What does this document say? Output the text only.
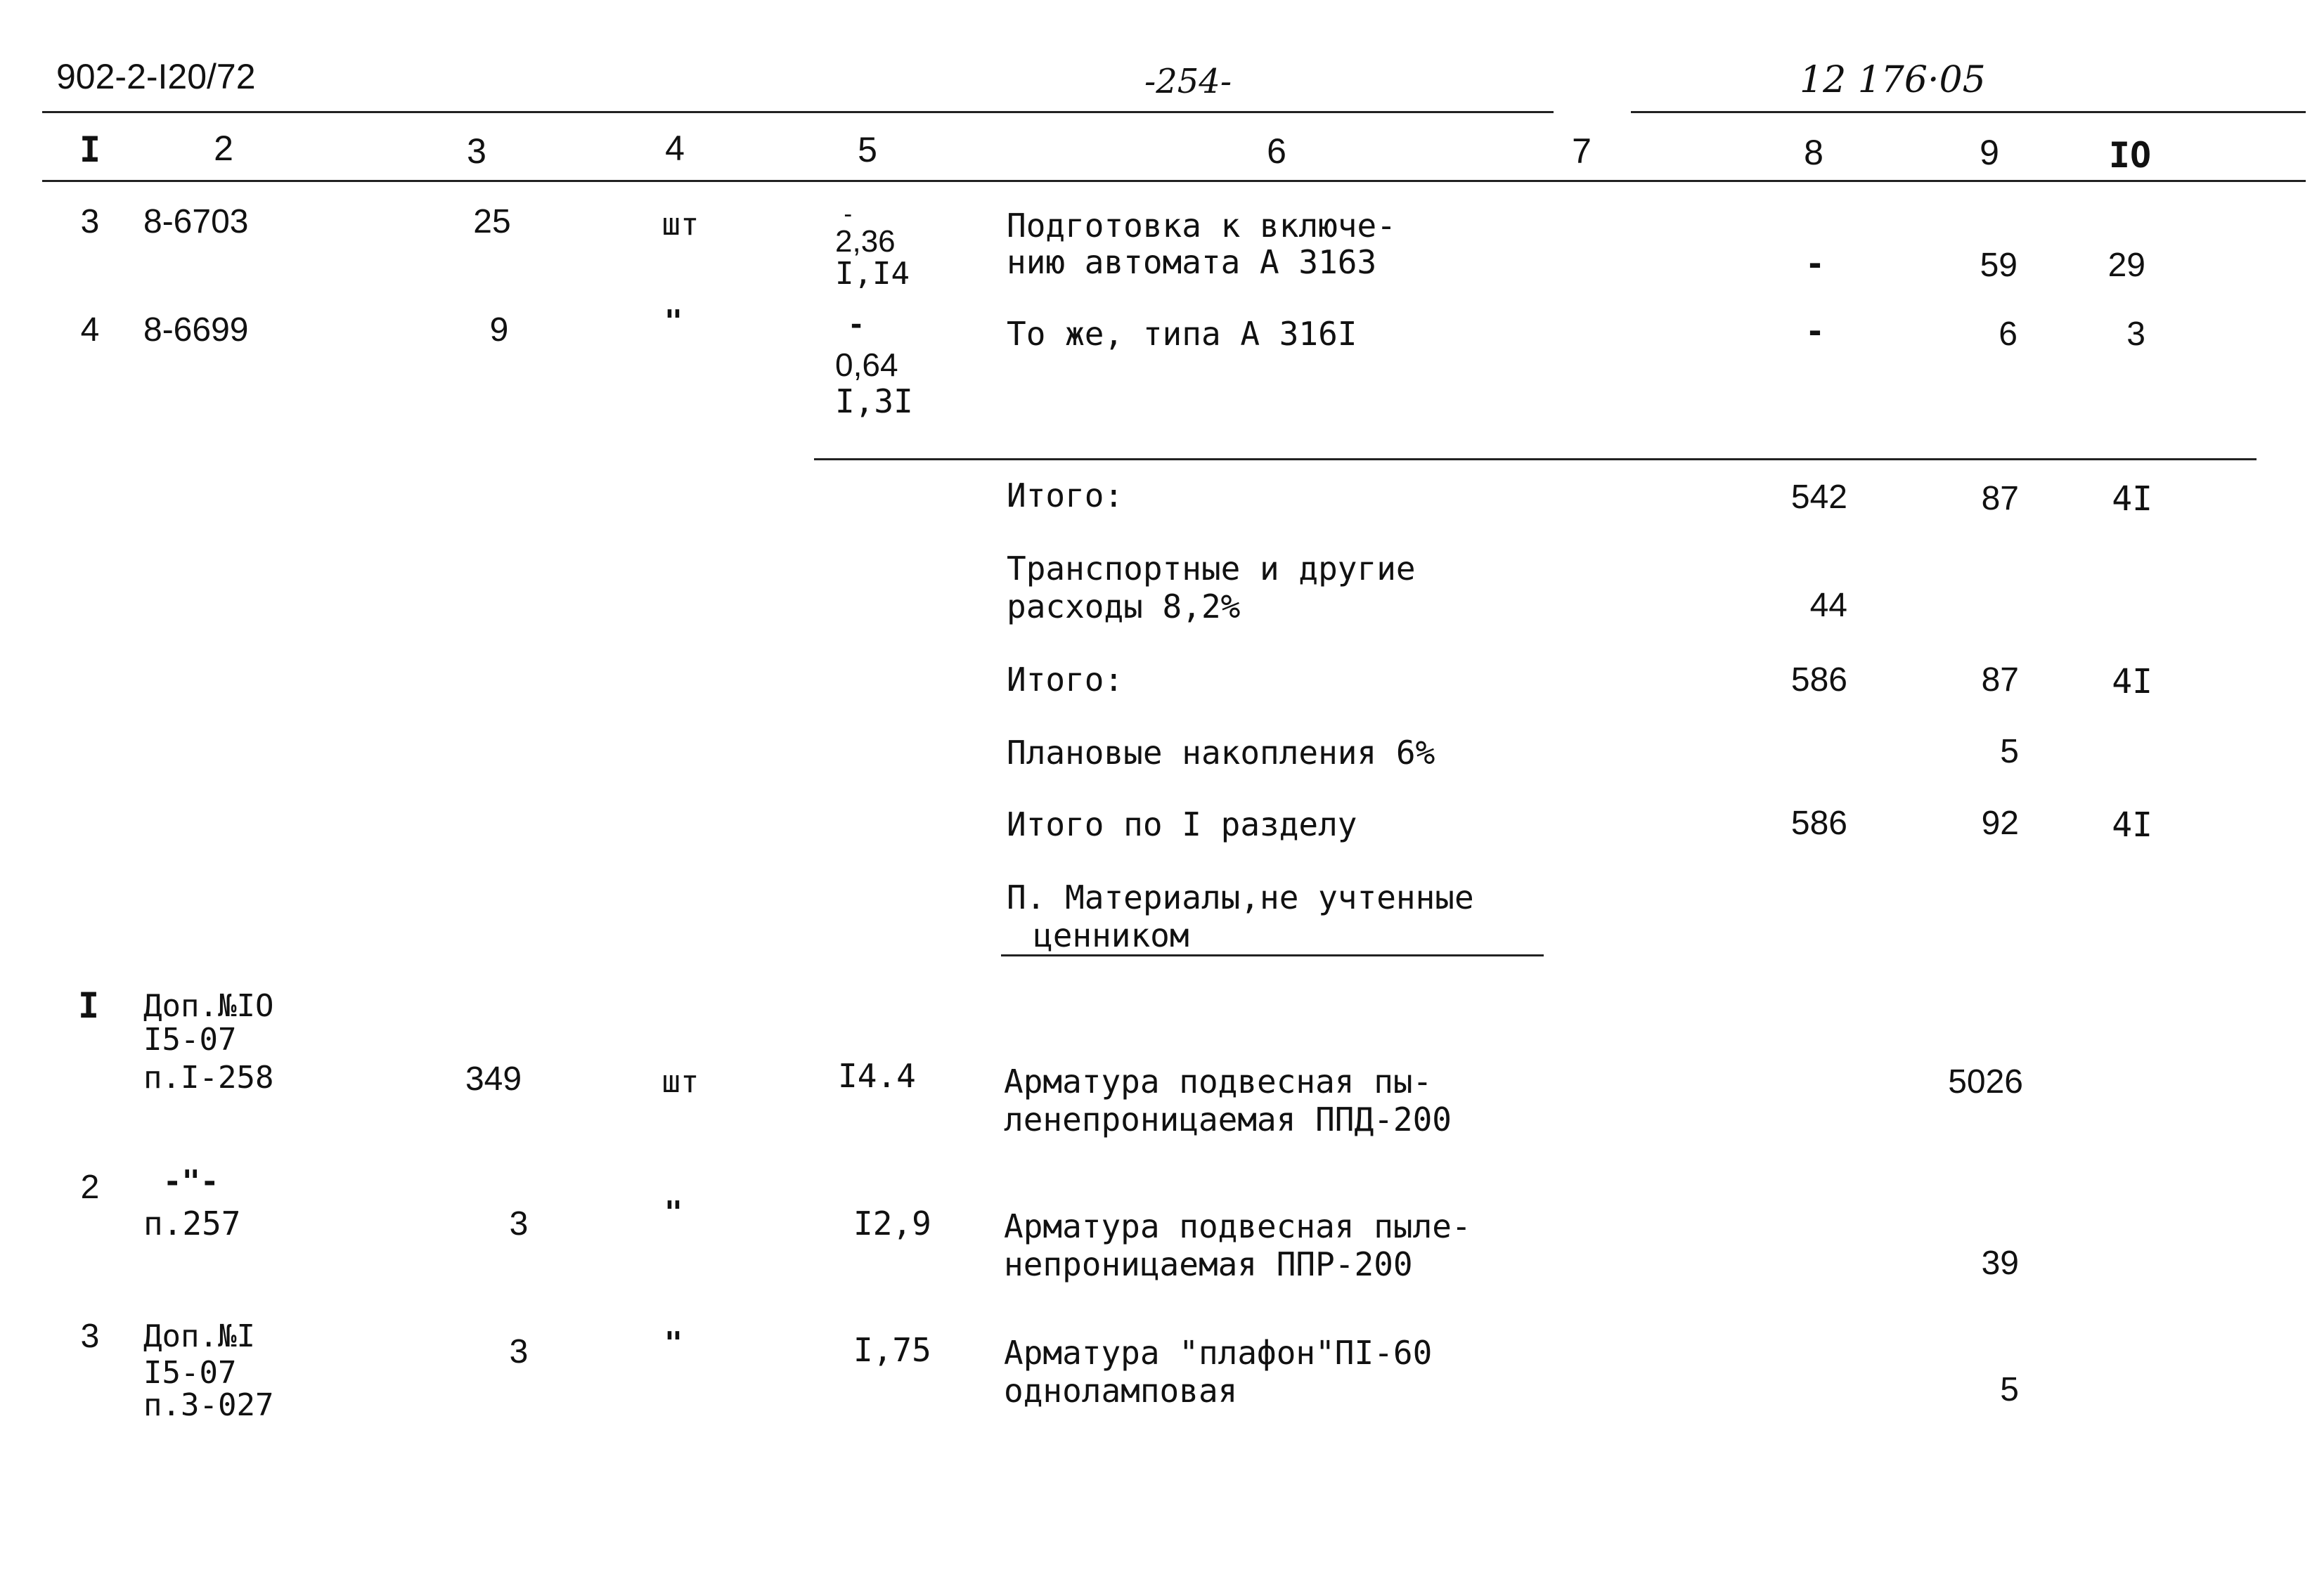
902-2-I20/72	-254-	12 176·05
I	2	3	4	5	6	7	8	9	IO
3 8-6703	25	шт	-
2,36
I,I4
Подготовка к включе-
нию автомата А 3163	-	59	29
4 8-6699	9	"	-
0,64
I,3I
То же, типа А 316I	-	6	3
Итого:	542	87	4I
Транспортные и другие
расходы 8,2%	44
Итого:	586	87	4I
Плановые накопления 6%	5
Итого по I разделу	586	92	4I
П. Материалы,не учтенные
ценником
I Доп.№IO
I5-07
п.I-258	349	шт	I4.4	Арматура подвесная пы-
ленепроницаемая ППД-200
5026
2 -"-
п.257	3	"	I2,9 Арматура подвесная пыле-
непроницаемая ППР-200	39
3 Доп.№I
I5-07
п.3-027
3	"	I,75 Арматура "плафон"ПI-60
одноламповая	5
